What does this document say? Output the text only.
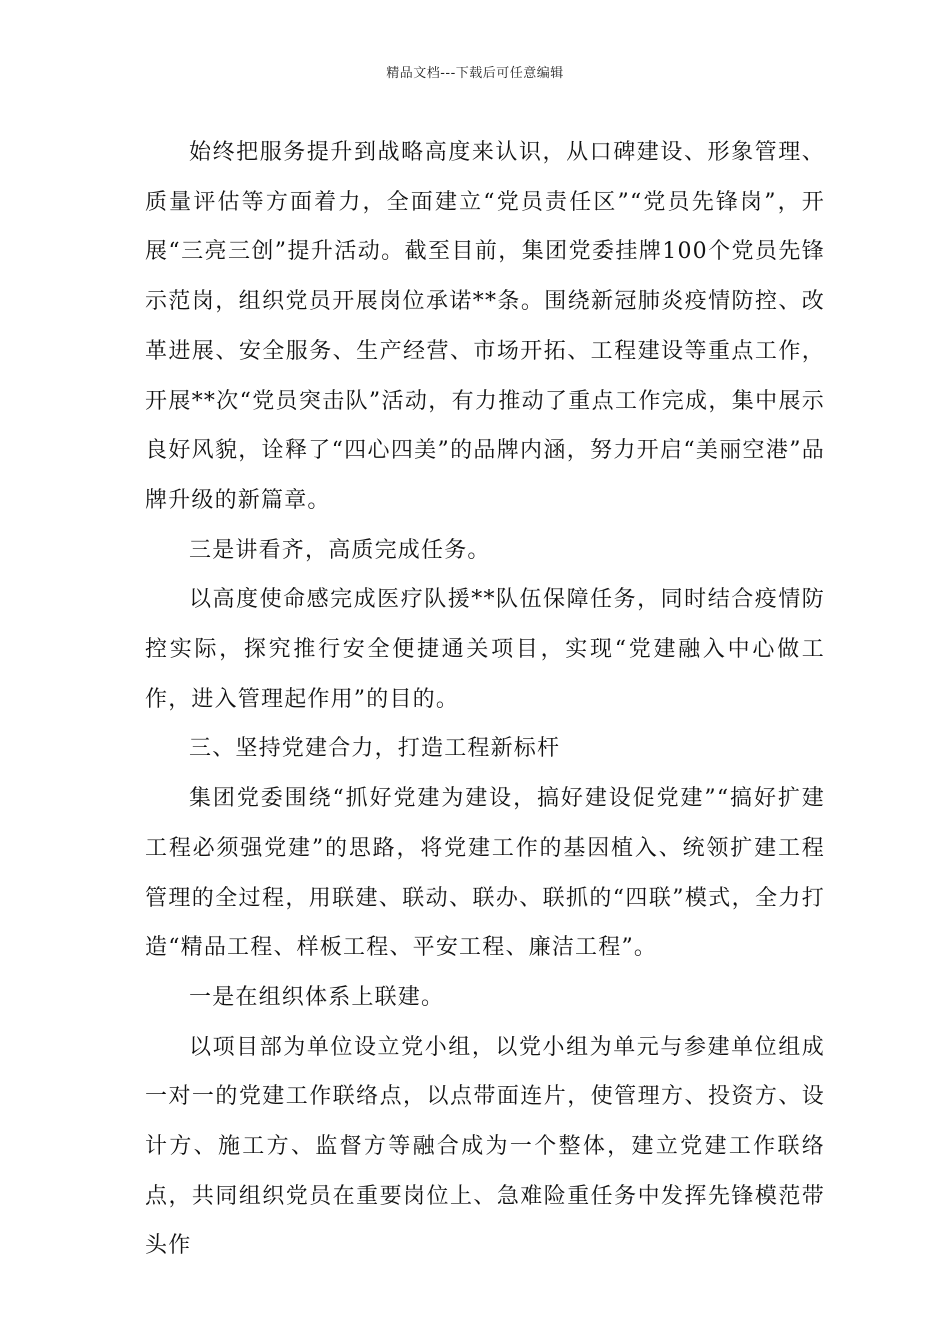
精品文档---下载后可任意编辑

始终把服务提升到战略高度来认识，从口碑建设、形象管理、质量评估等方面着力，全面建立“党员责任区”“党员先锋岗”，开展“三亮三创”提升活动。截至目前，集团党委挂牌100个党员先锋示范岗，组织党员开展岗位承诺**条。围绕新冠肺炎疫情防控、改革进展、安全服务、生产经营、市场开拓、工程建设等重点工作，开展**次“党员突击队”活动，有力推动了重点工作完成，集中展示良好风貌，诠释了“四心四美”的品牌内涵，努力开启“美丽空港”品牌升级的新篇章。

三是讲看齐，高质完成任务。

以高度使命感完成医疗队援**队伍保障任务，同时结合疫情防控实际，探究推行安全便捷通关项目，实现“党建融入中心做工作，进入管理起作用”的目的。

三、坚持党建合力，打造工程新标杆

集团党委围绕“抓好党建为建设，搞好建设促党建”“搞好扩建工程必须强党建”的思路，将党建工作的基因植入、统领扩建工程管理的全过程，用联建、联动、联办、联抓的“四联”模式，全力打造“精品工程、样板工程、平安工程、廉洁工程”。

一是在组织体系上联建。

以项目部为单位设立党小组，以党小组为单元与参建单位组成一对一的党建工作联络点，以点带面连片，使管理方、投资方、设计方、施工方、监督方等融合成为一个整体，建立党建工作联络点，共同组织党员在重要岗位上、急难险重任务中发挥先锋模范带头作
